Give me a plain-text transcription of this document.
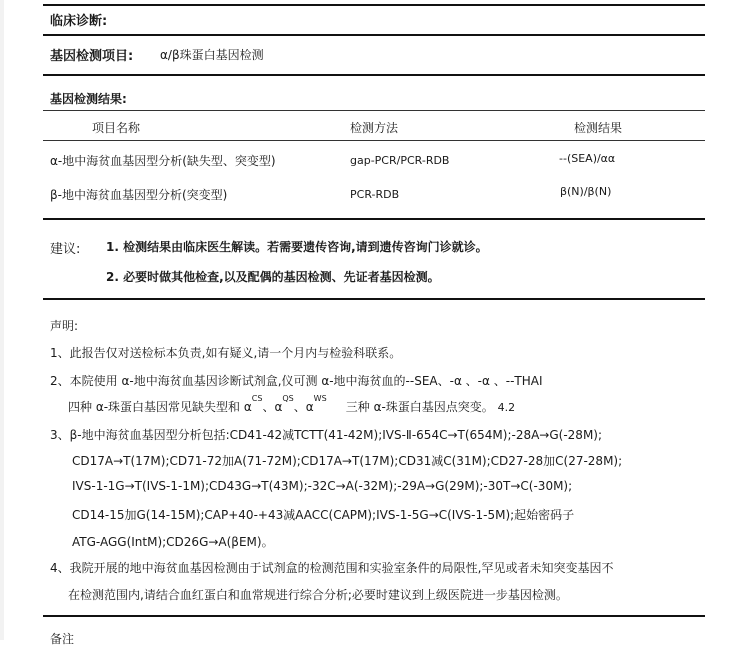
临床诊断:
基因检测项目: α/β珠蛋白基因检测
基因检测结果:
项目名称	检测方法	检测结果
α-地中海贫血基因型分析(缺失型、突变型)	gap-PCR/PCR-RDB	--(SEA)/αα
β-地中海贫血基因型分析(突变型)	PCR-RDB	β(N)/β(N)
建议: 1. 检测结果由临床医生解读。若需要遗传咨询,请到遗传咨询门诊就诊。
2. 必要时做其他检查,以及配偶的基因检测、先证者基因检测。
声明:
1、此报告仅对送检标本负责,如有疑义,请一个月内与检验科联系。
2、本院使用 α-地中海贫血基因诊断试剂盒,仪可测 α-地中海贫血的--SEA、-α 、-α 、--THAI
四种 α-珠蛋白基因常见缺失型和 $\alpha^{CS}$、$\alpha^{QS}$、$\alpha^{WS}$     三种 α-珠蛋白基因点突变。 4.2
3、β-地中海贫血基因型分析包括:CD41-42减TCTT(41-42M);IVS-Ⅱ-654C→T(654M);-28A→G(-28M);
CD17A→T(17M);CD71-72加A(71-72M);CD17A→T(17M);CD31减C(31M);CD27-28加C(27-28M);
IVS-1-1G→T(IVS-1-1M);CD43G→T(43M);-32C→A(-32M);-29A→G(29M);-30T→C(-30M);
CD14-15加G(14-15M);CAP+40-+43减AACC(CAPM);IVS-1-5G→C(IVS-1-5M);起始密码子
ATG-AGG(IntM);CD26G→A(βEM)。
4、我院开展的地中海贫血基因检测由于试剂盒的检测范围和实验室条件的局限性,罕见或者未知突变基因不
在检测范围内,请结合血红蛋白和血常规进行综合分析;必要时建议到上级医院进一步基因检测。
备注
